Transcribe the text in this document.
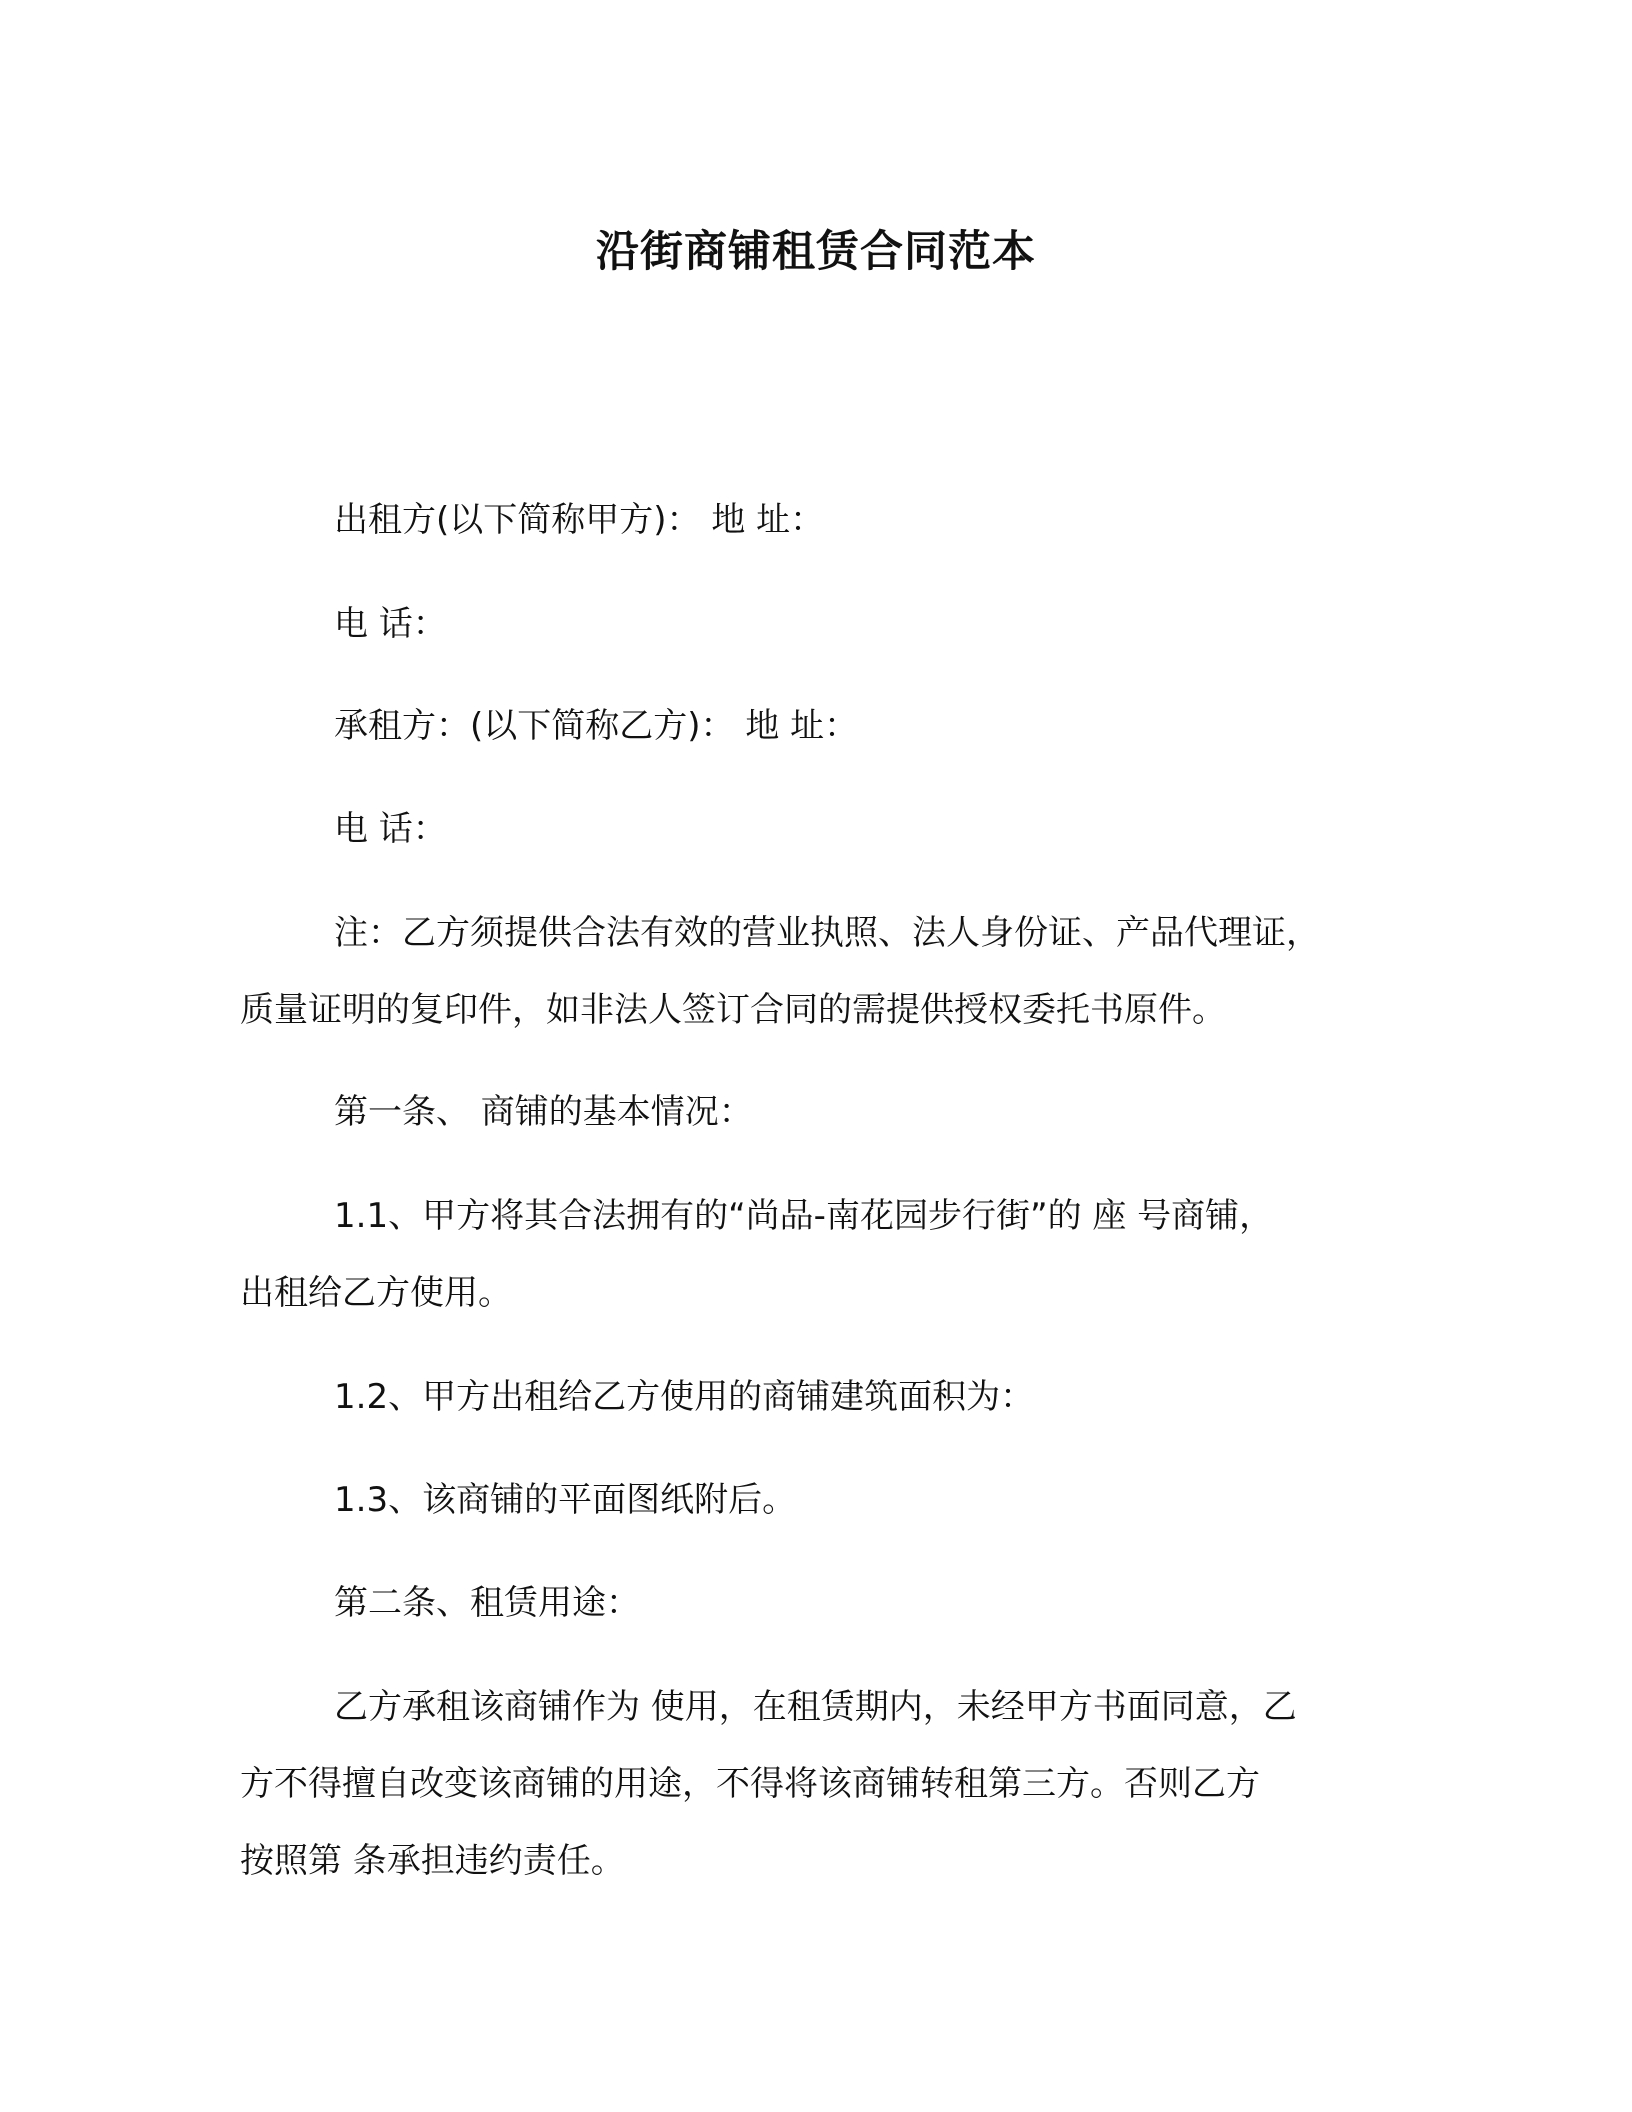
沿街商铺租赁合同范本
出租方(以下简称甲方)： 地 址：
电 话：
承租方：(以下简称乙方)： 地 址：
电 话：
注：乙方须提供合法有效的营业执照、法人身份证、产品代理证，
质量证明的复印件，如非法人签订合同的需提供授权委托书原件。
第一条、 商铺的基本情况：
1.1、甲方将其合法拥有的“尚品-南花园步行街”的 座 号商铺，
出租给乙方使用。
1.2、甲方出租给乙方使用的商铺建筑面积为：
1.3、该商铺的平面图纸附后。
第二条、租赁用途：
乙方承租该商铺作为 使用，在租赁期内，未经甲方书面同意，乙
方不得擅自改变该商铺的用途，不得将该商铺转租第三方。否则乙方
按照第 条承担违约责任。
